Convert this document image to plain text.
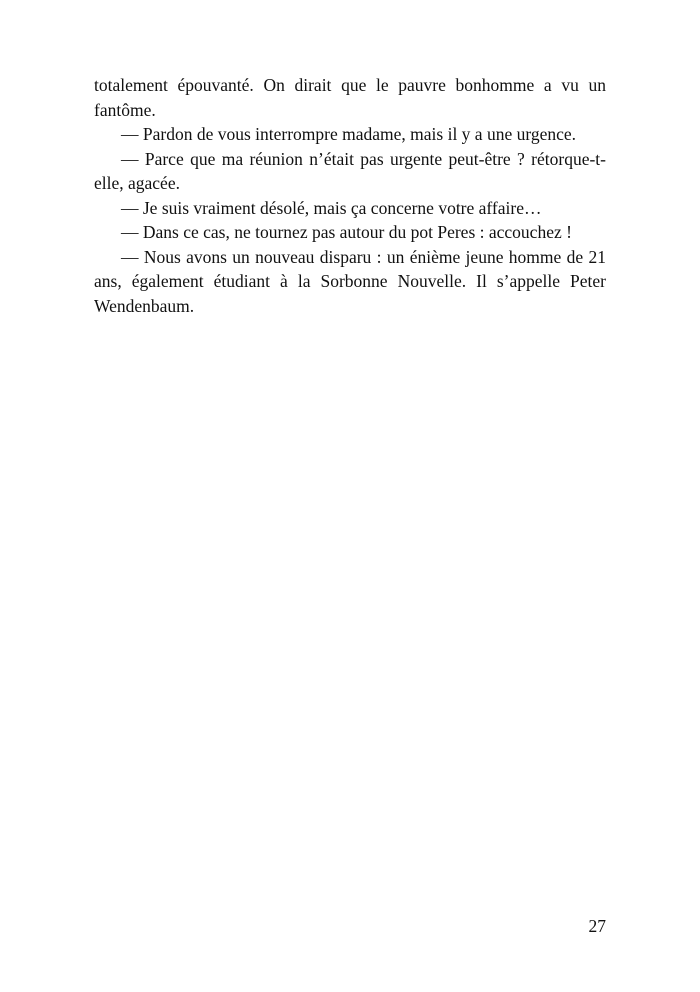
totalement épouvanté. On dirait que le pauvre bonhomme a vu un fantôme.

— Pardon de vous interrompre madame, mais il y a une urgence.

— Parce que ma réunion n’était pas urgente peut-être ? rétorque-t-elle, agacée.

— Je suis vraiment désolé, mais ça concerne votre affaire…

— Dans ce cas, ne tournez pas autour du pot Peres : accouchez !

— Nous avons un nouveau disparu : un énième jeune homme de 21 ans, également étudiant à la Sorbonne Nouvelle. Il s’appelle Peter Wendenbaum.

27
